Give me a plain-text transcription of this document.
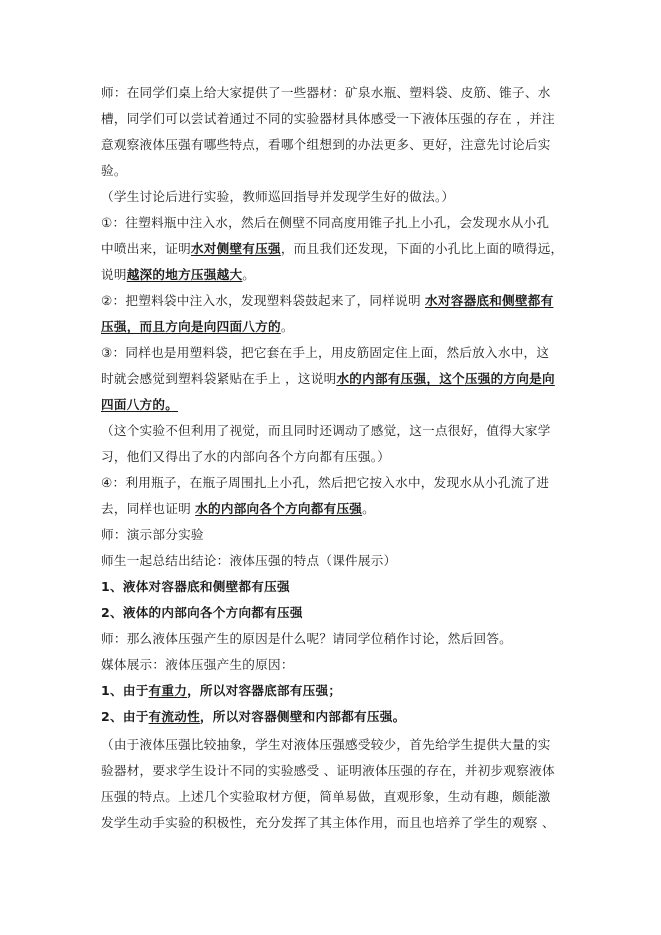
师：在同学们桌上给大家提供了一些器材：矿泉水瓶、塑料袋、皮筋、锥子、水
槽，同学们可以尝试着通过不同的实验器材具体感受一下液体压强的存在 ，并注
意观察液体压强有哪些特点，看哪个组想到的办法更多、更好，注意先讨论后实
验。
（学生讨论后进行实验，教师巡回指导并发现学生好的做法。）
①：往塑料瓶中注入水，然后在侧壁不同高度用锥子扎上小孔，会发现水从小孔
中喷出来，证明水对侧壁有压强，而且我们还发现，下面的小孔比上面的喷得远，
说明越深的地方压强越大。
②：把塑料袋中注入水，发现塑料袋鼓起来了，同样说明 水对容器底和侧壁都有
压强，而且方向是向四面八方的。
③：同样也是用塑料袋，把它套在手上，用皮筋固定住上面，然后放入水中，这
时就会感觉到塑料袋紧贴在手上 ，这说明水的内部有压强，这个压强的方向是向
四面八方的。
（这个实验不但利用了视觉，而且同时还调动了感觉，这一点很好，值得大家学
习，他们又得出了水的内部向各个方向都有压强。）
④：利用瓶子，在瓶子周围扎上小孔，然后把它按入水中，发现水从小孔流了进
去，同样也证明 水的内部向各个方向都有压强。
师：演示部分实验
师生一起总结出结论：液体压强的特点（课件展示）
1、液体对容器底和侧壁都有压强
2、液体的内部向各个方向都有压强
师：那么液体压强产生的原因是什么呢？请同学位稍作讨论，然后回答。
媒体展示：液体压强产生的原因：
1、由于有重力，所以对容器底部有压强；
2、由于有流动性，所以对容器侧壁和内部都有压强。
（由于液体压强比较抽象，学生对液体压强感受较少，首先给学生提供大量的实
验器材，要求学生设计不同的实验感受 、证明液体压强的存在，并初步观察液体
压强的特点。上述几个实验取材方便，简单易做，直观形象，生动有趣，颇能激
发学生动手实验的积极性，充分发挥了其主体作用，而且也培养了学生的观察 、
